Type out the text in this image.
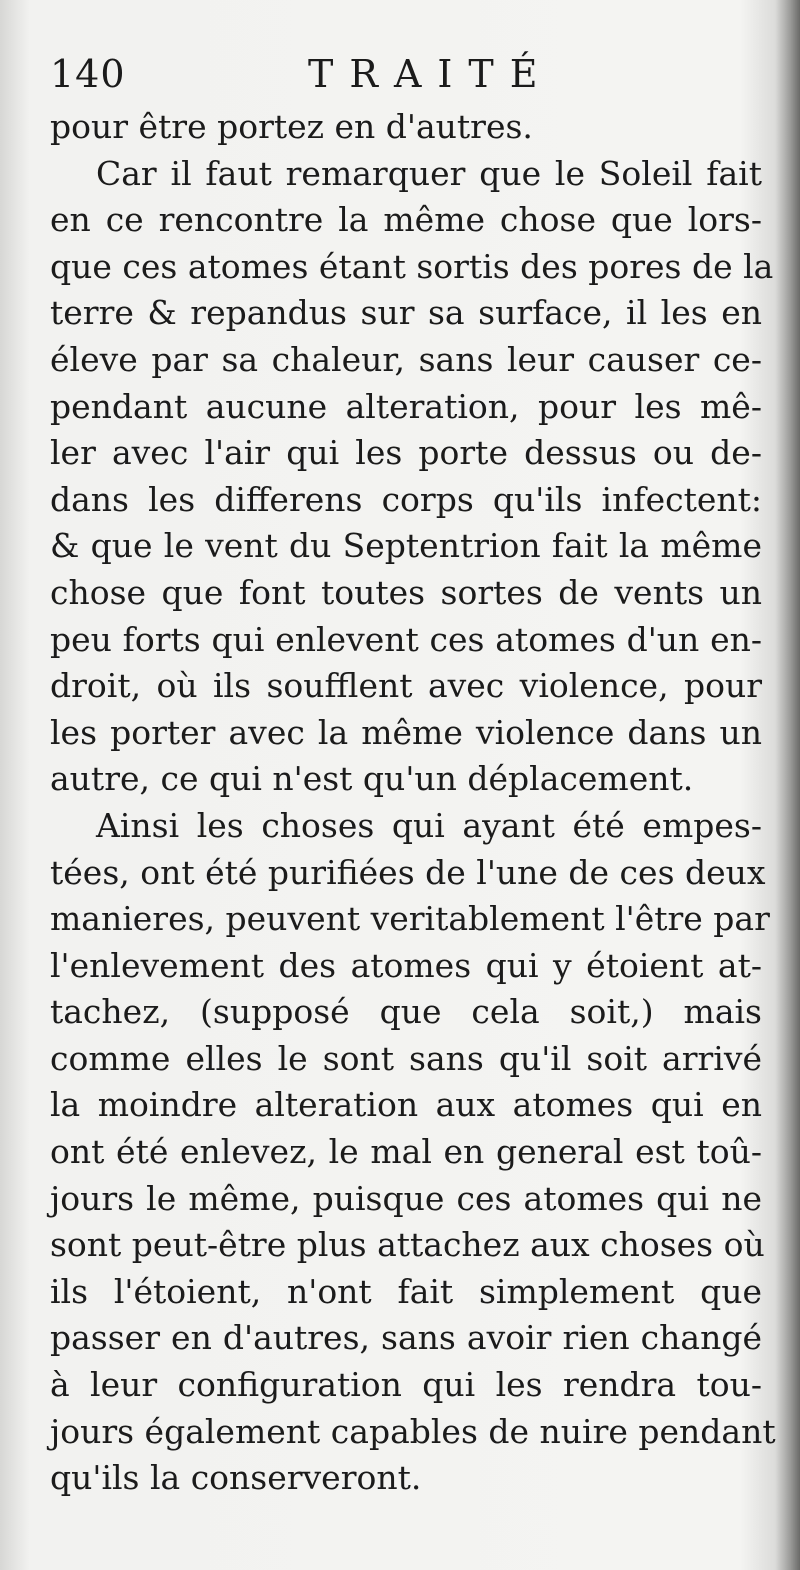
140	TRAITÉ
pour être portez en d'autres.
Car il faut remarquer que le Soleil fait
en ce rencontre la même chose que lors-
que ces atomes étant sortis des pores de la
terre & repandus sur sa surface, il les en
éleve par sa chaleur, sans leur causer ce-
pendant aucune alteration, pour les mê-
ler avec l'air qui les porte dessus ou de-
dans les differens corps qu'ils infectent:
& que le vent du Septentrion fait la même
chose que font toutes sortes de vents un
peu forts qui enlevent ces atomes d'un en-
droit, où ils soufflent avec violence, pour
les porter avec la même violence dans un
autre, ce qui n'est qu'un déplacement.
Ainsi les choses qui ayant été empes-
tées, ont été purifiées de l'une de ces deux
manieres, peuvent veritablement l'être par
l'enlevement des atomes qui y étoient at-
tachez, (supposé que cela soit,) mais
comme elles le sont sans qu'il soit arrivé
la moindre alteration aux atomes qui en
ont été enlevez, le mal en general est toû-
jours le même, puisque ces atomes qui ne
sont peut-être plus attachez aux choses où
ils l'étoient, n'ont fait simplement que
passer en d'autres, sans avoir rien changé
à leur configuration qui les rendra tou-
jours également capables de nuire pendant
qu'ils la conserveront.
